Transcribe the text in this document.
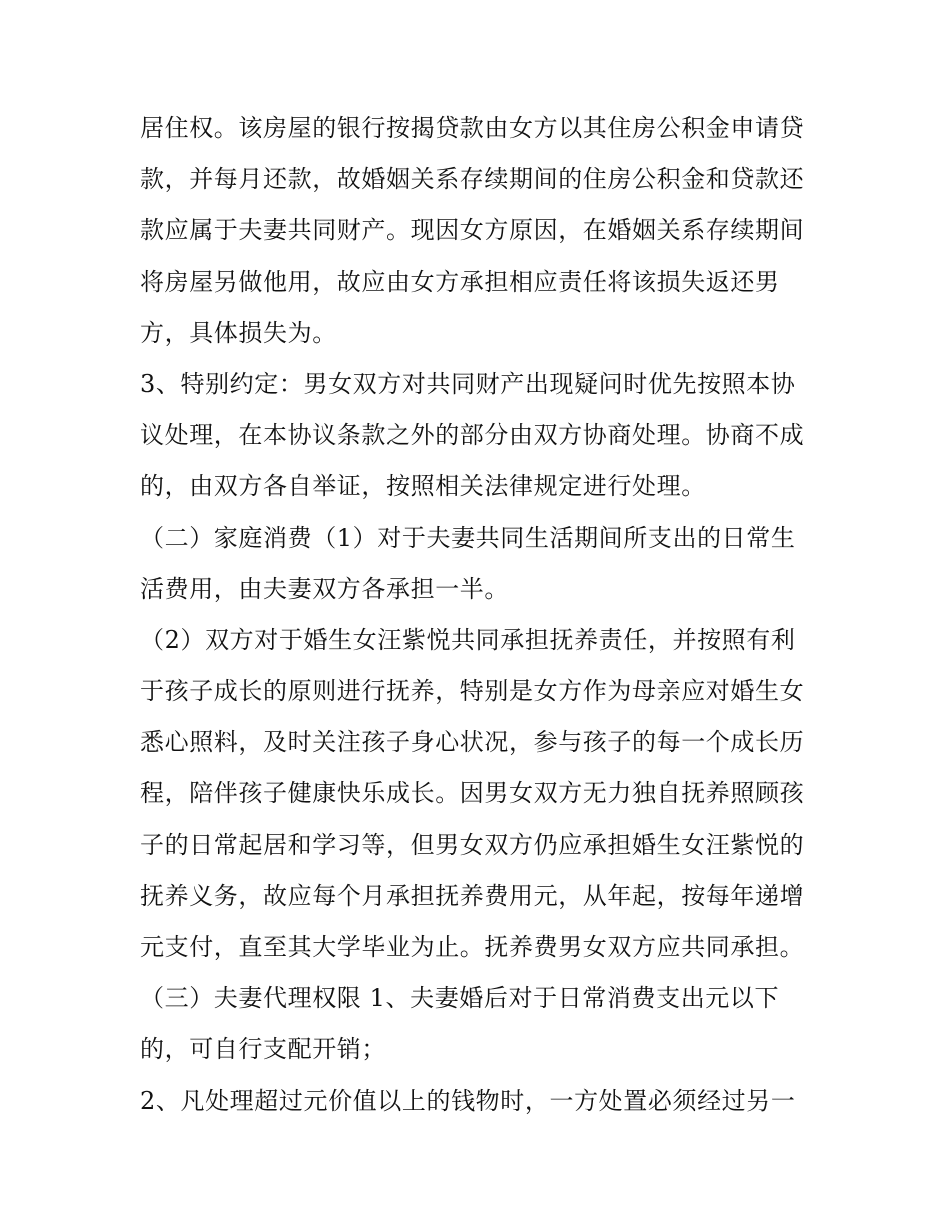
居住权。该房屋的银行按揭贷款由女方以其住房公积金申请贷
款，并每月还款，故婚姻关系存续期间的住房公积金和贷款还
款应属于夫妻共同财产。现因女方原因，在婚姻关系存续期间
将房屋另做他用，故应由女方承担相应责任将该损失返还男
方，具体损失为。
3、特别约定：男女双方对共同财产出现疑问时优先按照本协
议处理，在本协议条款之外的部分由双方协商处理。协商不成
的，由双方各自举证，按照相关法律规定进行处理。
（二）家庭消费（1）对于夫妻共同生活期间所支出的日常生
活费用，由夫妻双方各承担一半。
（2）双方对于婚生女汪紫悦共同承担抚养责任，并按照有利
于孩子成长的原则进行抚养，特别是女方作为母亲应对婚生女
悉心照料，及时关注孩子身心状况，参与孩子的每一个成长历
程，陪伴孩子健康快乐成长。因男女双方无力独自抚养照顾孩
子的日常起居和学习等，但男女双方仍应承担婚生女汪紫悦的
抚养义务，故应每个月承担抚养费用元，从年起，按每年递增
元支付，直至其大学毕业为止。抚养费男女双方应共同承担。
（三）夫妻代理权限 1、夫妻婚后对于日常消费支出元以下
的，可自行支配开销；
2、凡处理超过元价值以上的钱物时，一方处置必须经过另一
